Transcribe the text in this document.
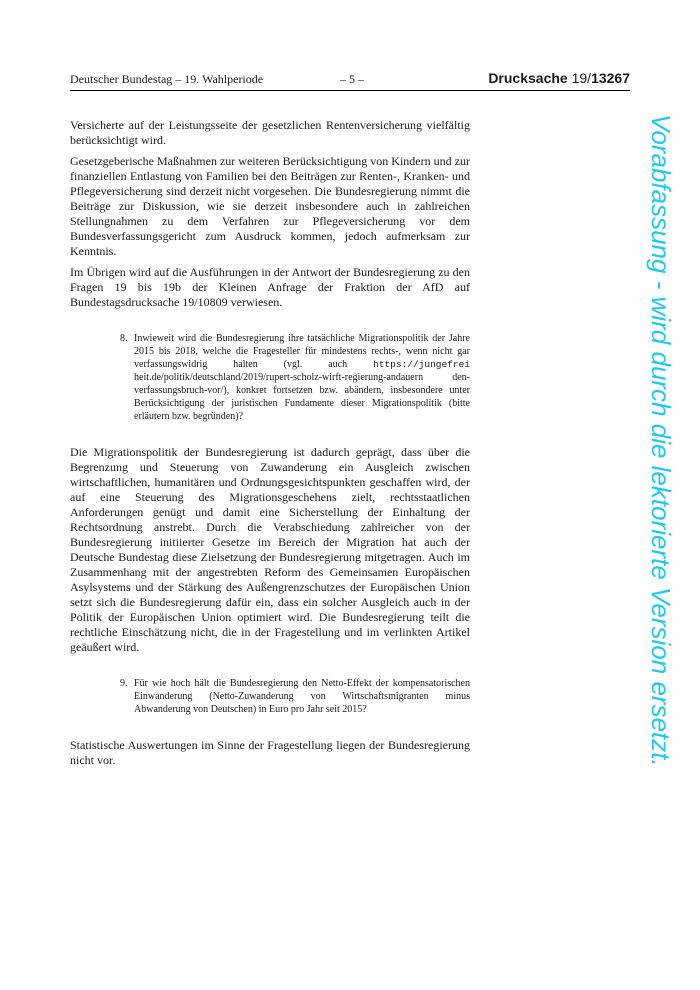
Deutscher Bundestag – 19. Wahlperiode	– 5 –	Drucksache 19/13267

Versicherte auf der Leistungsseite der gesetzlichen Rentenversicherung vielfältig berücksichtigt wird.

Gesetzgeberische Maßnahmen zur weiteren Berücksichtigung von Kindern und zur finanziellen Entlastung von Familien bei den Beiträgen zur Renten-, Kranken- und Pflegeversicherung sind derzeit nicht vorgesehen. Die Bundesregierung nimmt die Beiträge zur Diskussion, wie sie derzeit insbesondere auch in zahlreichen Stellungnahmen zu dem Verfahren zur Pflegeversicherung vor dem Bundesverfassungsgericht zum Ausdruck kommen, jedoch aufmerksam zur Kenntnis.

Im Übrigen wird auf die Ausführungen in der Antwort der Bundesregierung zu den Fragen 19 bis 19b der Kleinen Anfrage der Fraktion der AfD auf Bundestagsdrucksache 19/10809 verwiesen.

8. Inwieweit wird die Bundesregierung ihre tatsächliche Migrationspolitik der Jahre 2015 bis 2018, welche die Fragesteller für mindestens rechts-, wenn nicht gar verfassungswidrig halten (vgl. auch https://jungefrei heit.de/politik/deutschland/2019/rupert-scholz-wirft-regierung-andauern den-verfassungsbruch-vor/), konkret fortsetzen bzw. abändern, insbesondere unter Berücksichtigung der juristischen Fundamente dieser Migrationspolitik (bitte erläutern bzw. begründen)?

Die Migrationspolitik der Bundesregierung ist dadurch geprägt, dass über die Begrenzung und Steuerung von Zuwanderung ein Ausgleich zwischen wirtschaftlichen, humanitären und Ordnungsgesichtspunkten geschaffen wird, der auf eine Steuerung des Migrationsgeschehens zielt, rechtsstaatlichen Anforderungen genügt und damit eine Sicherstellung der Einhaltung der Rechtsordnung anstrebt. Durch die Verabschiedung zahlreicher von der Bundesregierung initiierter Gesetze im Bereich der Migration hat auch der Deutsche Bundestag diese Zielsetzung der Bundesregierung mitgetragen. Auch im Zusammenhang mit der angestrebten Reform des Gemeinsamen Europäischen Asylsystems und der Stärkung des Außengrenzschutzes der Europäischen Union setzt sich die Bundesregierung dafür ein, dass ein solcher Ausgleich auch in der Politik der Europäischen Union optimiert wird. Die Bundesregierung teilt die rechtliche Einschätzung nicht, die in der Fragestellung und im verlinkten Artikel geäußert wird.

9. Für wie hoch hält die Bundesregierung den Netto-Effekt der kompensatorischen Einwanderung (Netto-Zuwanderung von Wirtschaftsmigranten minus Abwanderung von Deutschen) in Euro pro Jahr seit 2015?

Statistische Auswertungen im Sinne der Fragestellung liegen der Bundesregierung nicht vor.	Vorabfassung - wird durch die lektorierte Version ersetzt.
